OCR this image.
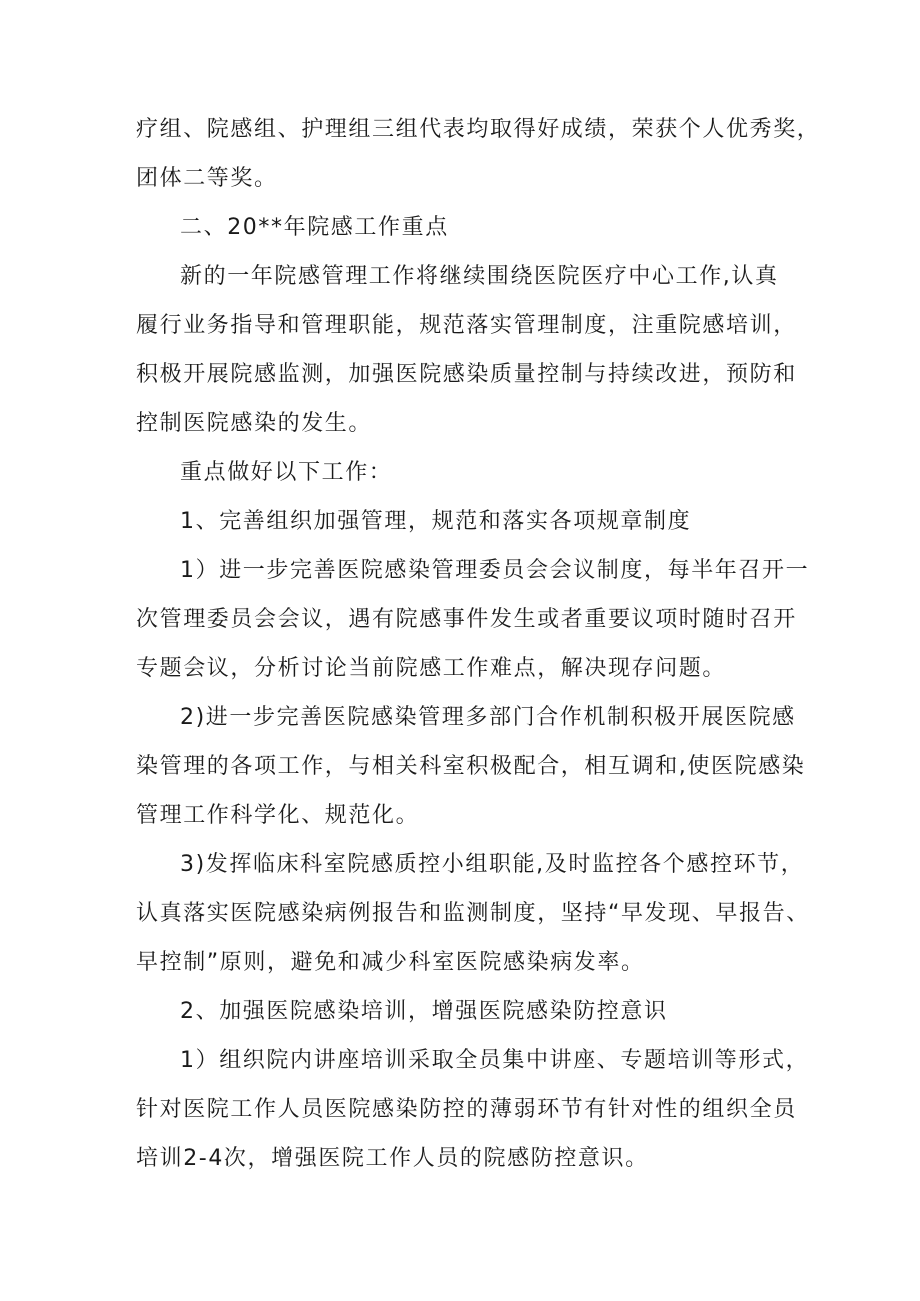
疗组、院感组、护理组三组代表均取得好成绩，荣获个人优秀奖，
团体二等奖。
二、20**年院感工作重点
新的一年院感管理工作将继续围绕医院医疗中心工作,认真
履行业务指导和管理职能，规范落实管理制度，注重院感培训，
积极开展院感监测，加强医院感染质量控制与持续改进，预防和
控制医院感染的发生。
重点做好以下工作：
1、完善组织加强管理，规范和落实各项规章制度
1）进一步完善医院感染管理委员会会议制度，每半年召开一
次管理委员会会议，遇有院感事件发生或者重要议项时随时召开
专题会议，分析讨论当前院感工作难点，解决现存问题。
2)进一步完善医院感染管理多部门合作机制积极开展医院感
染管理的各项工作，与相关科室积极配合，相互调和,使医院感染
管理工作科学化、规范化。
3)发挥临床科室院感质控小组职能,及时监控各个感控环节，
认真落实医院感染病例报告和监测制度，坚持“早发现、早报告、
早控制”原则，避免和减少科室医院感染病发率。
2、加强医院感染培训，增强医院感染防控意识
1）组织院内讲座培训采取全员集中讲座、专题培训等形式，
针对医院工作人员医院感染防控的薄弱环节有针对性的组织全员
培训2-4次，增强医院工作人员的院感防控意识。
